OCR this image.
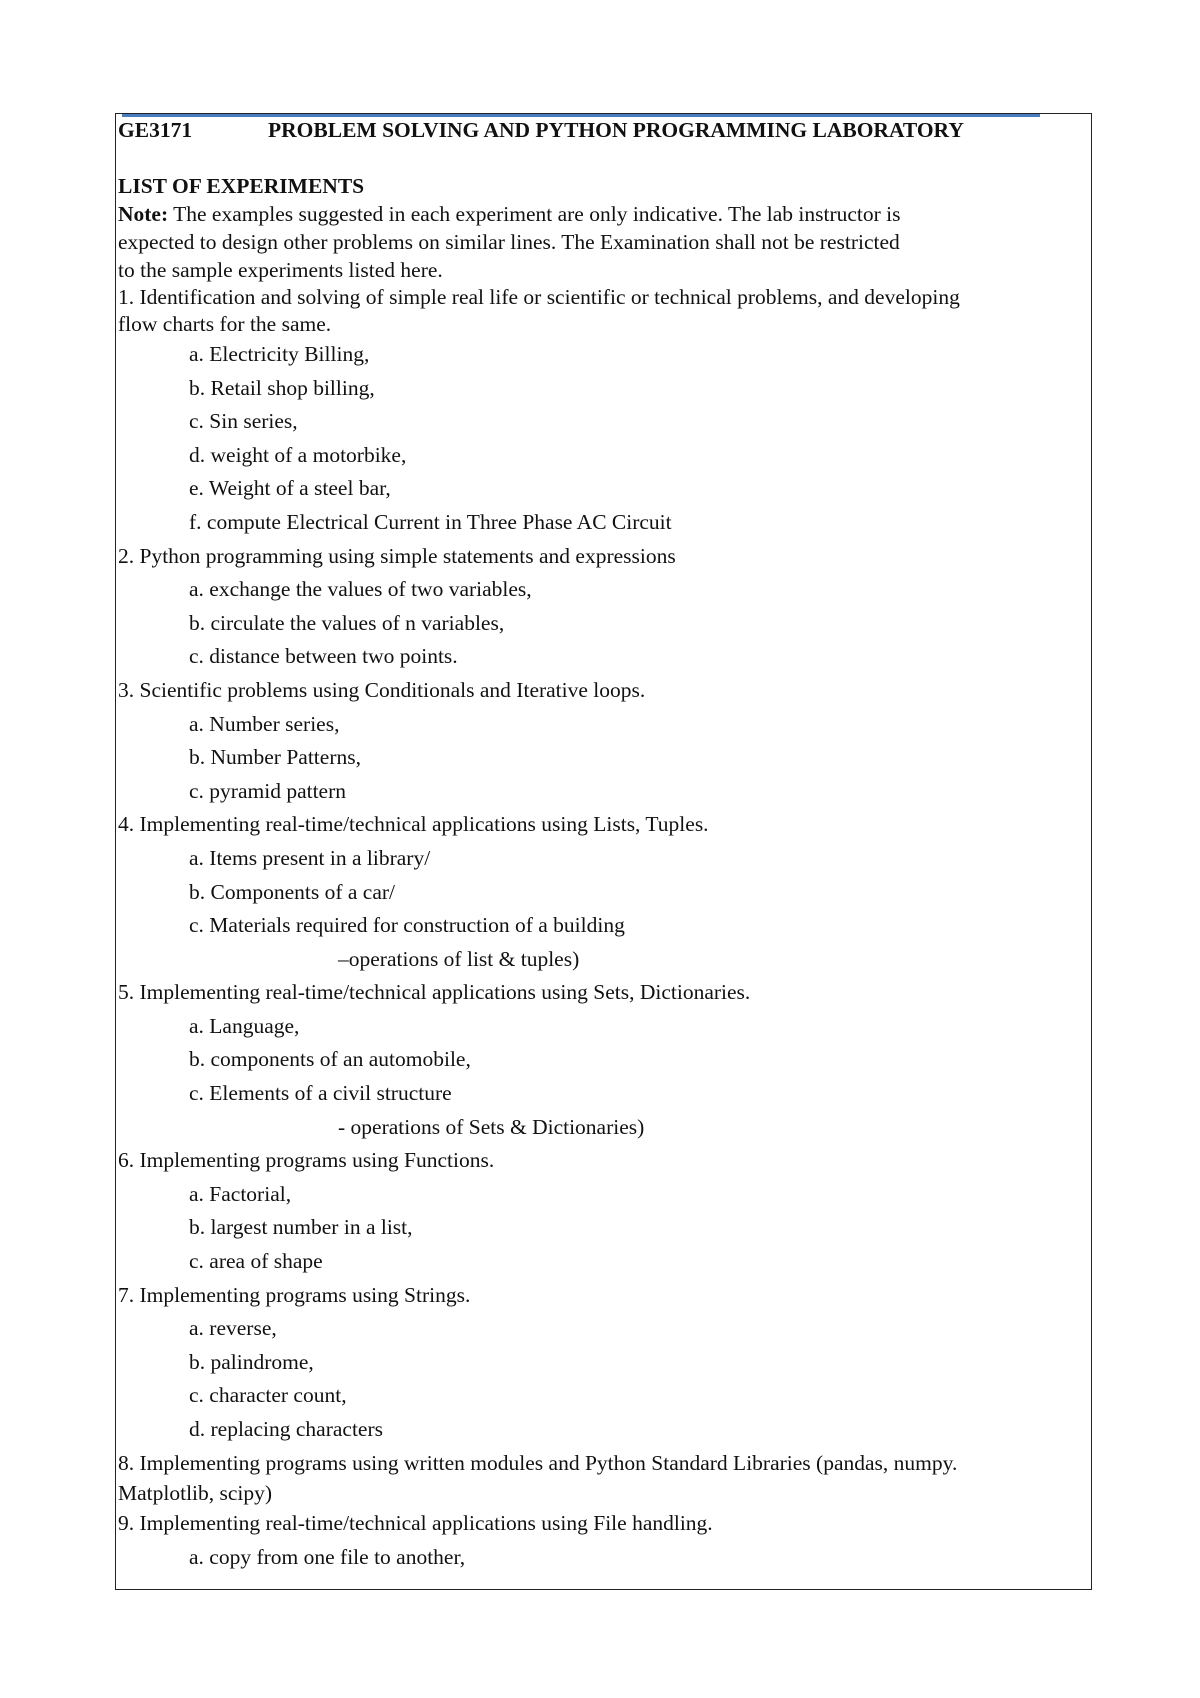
GE3171	PROBLEM SOLVING AND PYTHON PROGRAMMING LABORATORY
LIST OF EXPERIMENTS
Note: The examples suggested in each experiment are only indicative. The lab instructor is
expected to design other problems on similar lines. The Examination shall not be restricted
to the sample experiments listed here.
1. Identification and solving of simple real life or scientific or technical problems, and developing
flow charts for the same.
a. Electricity Billing,
b. Retail shop billing,
c. Sin series,
d. weight of a motorbike,
e. Weight of a steel bar,
f. compute Electrical Current in Three Phase AC Circuit
2. Python programming using simple statements and expressions
a. exchange the values of two variables,
b. circulate the values of n variables,
c. distance between two points.
3. Scientific problems using Conditionals and Iterative loops.
a. Number series,
b. Number Patterns,
c. pyramid pattern
4. Implementing real-time/technical applications using Lists, Tuples.
a. Items present in a library/
b. Components of a car/
c. Materials required for construction of a building
–operations of list & tuples)
5. Implementing real-time/technical applications using Sets, Dictionaries.
a. Language,
b. components of an automobile,
c. Elements of a civil structure
- operations of Sets & Dictionaries)
6. Implementing programs using Functions.
a. Factorial,
b. largest number in a list,
c. area of shape
7. Implementing programs using Strings.
a. reverse,
b. palindrome,
c. character count,
d. replacing characters
8. Implementing programs using written modules and Python Standard Libraries (pandas, numpy.
Matplotlib, scipy)
9. Implementing real-time/technical applications using File handling.
a. copy from one file to another,
